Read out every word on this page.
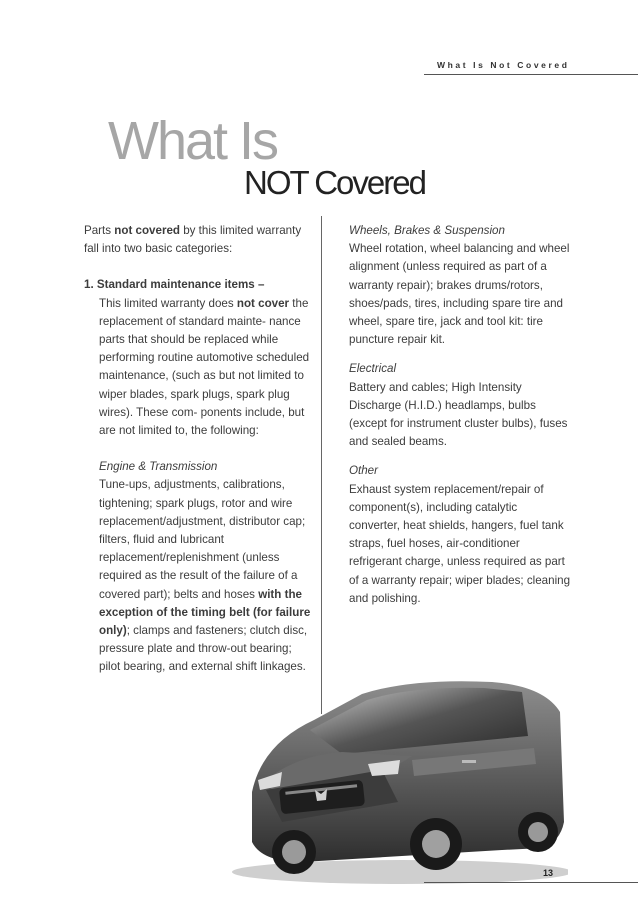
What Is Not Covered
What Is
NOT Covered

Parts not covered by this limited warranty fall into two basic categories:

1. Standard maintenance items –

This limited warranty does not cover the replacement of standard mainte- nance parts that should be replaced while performing routine automotive scheduled maintenance, (such as but not limited to wiper blades, spark plugs, spark plug wires). These com- ponents include, but are not limited to, the following:

Engine & Transmission

Tune-ups, adjustments, calibrations, tightening; spark plugs, rotor and wire replacement/adjustment, distributor cap; filters, fluid and lubricant replacement/replenishment (unless required as the result of the failure of a covered part); belts and hoses with the exception of the timing belt (for failure only); clamps and fasteners; clutch disc, pressure plate and throw-out bearing; pilot bearing, and external shift linkages.

Wheels, Brakes & Suspension

Wheel rotation, wheel balancing and wheel alignment (unless required as part of a warranty repair); brakes drums/rotors, shoes/pads, tires, including spare tire and wheel, spare tire, jack and tool kit: tire puncture repair kit.

Electrical

Battery and cables; High Intensity Discharge (H.I.D.) headlamps, bulbs (except for instrument cluster bulbs), fuses and sealed beams.

Other

Exhaust system replacement/repair of component(s), including catalytic converter, heat shields, hangers, fuel tank straps, fuel hoses, air-conditioner refrigerant charge, unless required as part of a warranty repair; wiper blades; cleaning and polishing.

13
